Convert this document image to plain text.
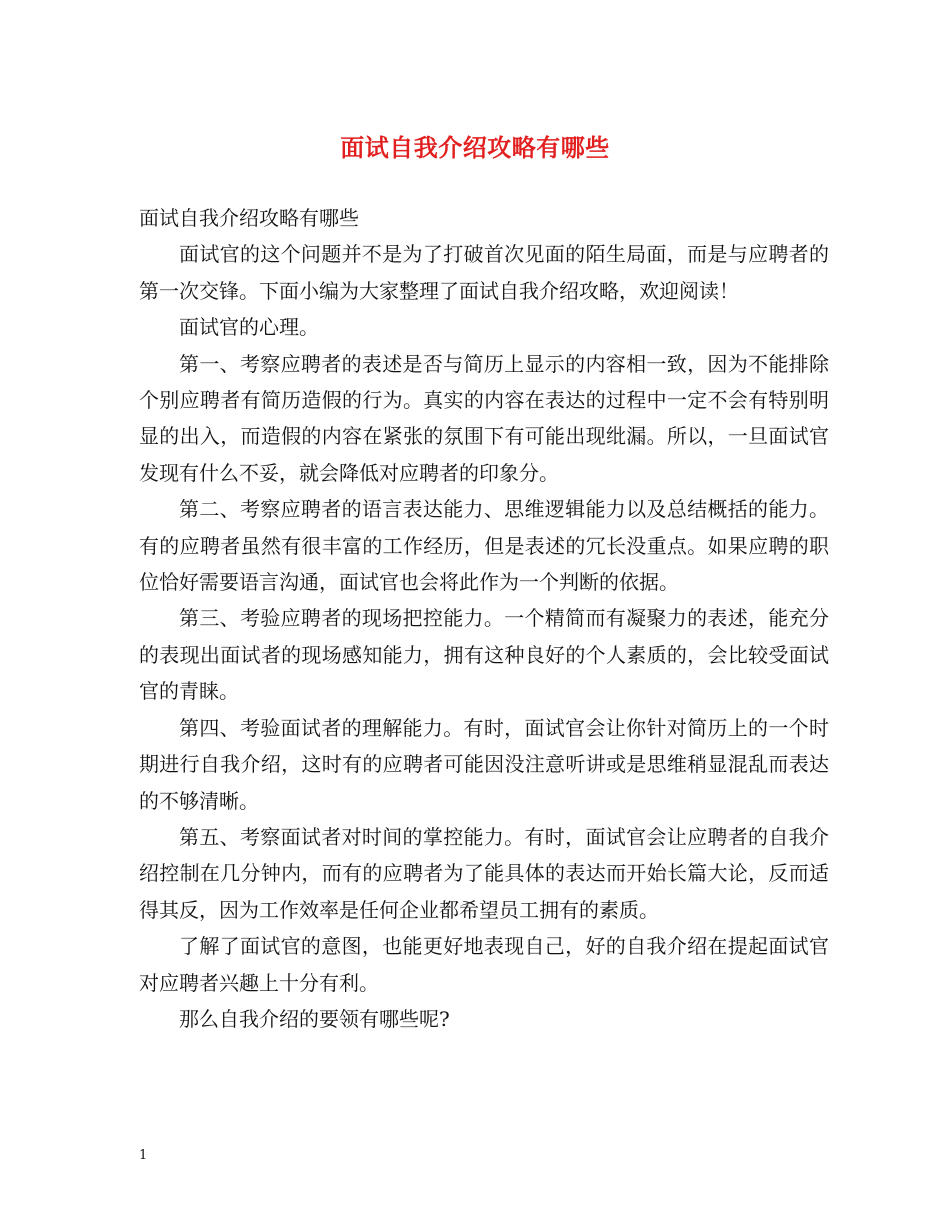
面试自我介绍攻略有哪些

面试自我介绍攻略有哪些

面试官的这个问题并不是为了打破首次见面的陌生局面，而是与应聘者的第一次交锋。下面小编为大家整理了面试自我介绍攻略，欢迎阅读！

面试官的心理。

第一、考察应聘者的表述是否与简历上显示的内容相一致，因为不能排除个别应聘者有简历造假的行为。真实的内容在表达的过程中一定不会有特别明显的出入，而造假的内容在紧张的氛围下有可能出现纰漏。所以，一旦面试官发现有什么不妥，就会降低对应聘者的印象分。

第二、考察应聘者的语言表达能力、思维逻辑能力以及总结概括的能力。有的应聘者虽然有很丰富的工作经历，但是表述的冗长没重点。如果应聘的职位恰好需要语言沟通，面试官也会将此作为一个判断的依据。

第三、考验应聘者的现场把控能力。一个精简而有凝聚力的表述，能充分的表现出面试者的现场感知能力，拥有这种良好的个人素质的，会比较受面试官的青睐。

第四、考验面试者的理解能力。有时，面试官会让你针对简历上的一个时期进行自我介绍，这时有的应聘者可能因没注意听讲或是思维稍显混乱而表达的不够清晰。

第五、考察面试者对时间的掌控能力。有时，面试官会让应聘者的自我介绍控制在几分钟内，而有的应聘者为了能具体的表达而开始长篇大论，反而适得其反，因为工作效率是任何企业都希望员工拥有的素质。

了解了面试官的意图，也能更好地表现自己，好的自我介绍在提起面试官对应聘者兴趣上十分有利。

那么自我介绍的要领有哪些呢?

1
